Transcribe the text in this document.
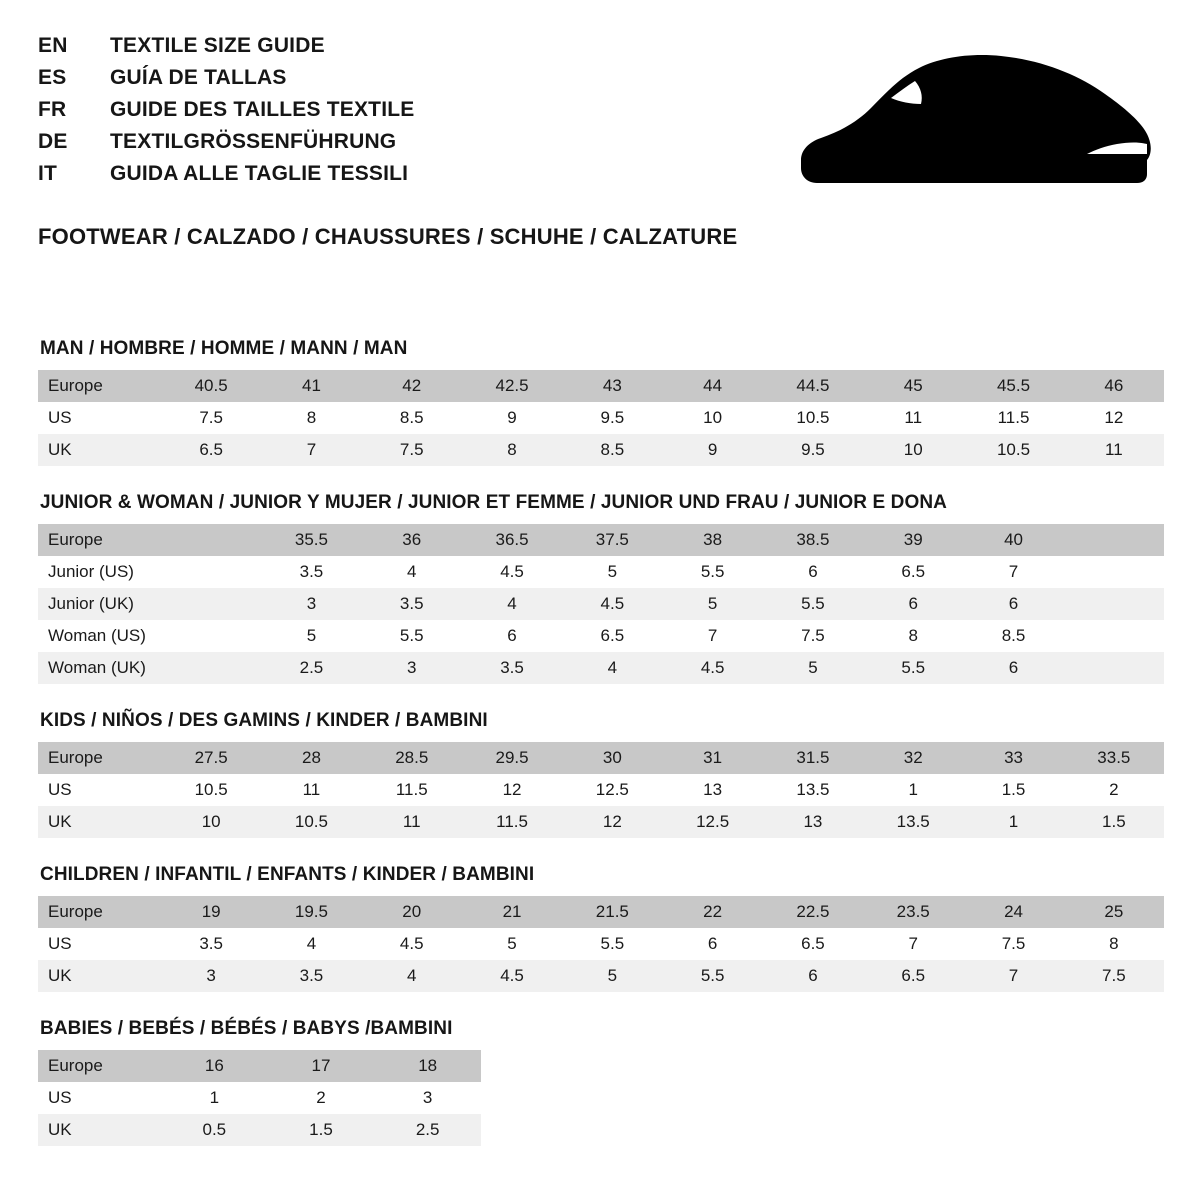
EN	TEXTILE SIZE GUIDE
ES	GUÍA DE TALLAS
FR	GUIDE DES TAILLES TEXTILE
DE	TEXTILGRÖSSENFÜHRUNG
IT	GUIDA ALLE TAGLIE TESSILI
FOOTWEAR / CALZADO / CHAUSSURES / SCHUHE / CALZATURE
MAN / HOMBRE / HOMME / MANN / MAN
Europe	40.5	41	42	42.5	43	44	44.5	45	45.5	46
US	7.5	8	8.5	9	9.5	10	10.5	11	11.5	12
UK	6.5	7	7.5	8	8.5	9	9.5	10	10.5	11
JUNIOR & WOMAN / JUNIOR Y MUJER / JUNIOR ET FEMME / JUNIOR UND FRAU / JUNIOR E DONA
Europe		35.5	36	36.5	37.5	38	38.5	39	40	
Junior (US)		3.5	4	4.5	5	5.5	6	6.5	7	
Junior (UK)		3	3.5	4	4.5	5	5.5	6	6	
Woman (US)		5	5.5	6	6.5	7	7.5	8	8.5	
Woman (UK)		2.5	3	3.5	4	4.5	5	5.5	6	
KIDS / NIÑOS / DES GAMINS / KINDER / BAMBINI
Europe	27.5	28	28.5	29.5	30	31	31.5	32	33	33.5
US	10.5	11	11.5	12	12.5	13	13.5	1	1.5	2
UK	10	10.5	11	11.5	12	12.5	13	13.5	1	1.5
CHILDREN / INFANTIL / ENFANTS / KINDER / BAMBINI
Europe	19	19.5	20	21	21.5	22	22.5	23.5	24	25
US	3.5	4	4.5	5	5.5	6	6.5	7	7.5	8
UK	3	3.5	4	4.5	5	5.5	6	6.5	7	7.5
BABIES / BEBÉS / BÉBÉS / BABYS /BAMBINI
Europe	16	17	18
US	1	2	3
UK	0.5	1.5	2.5
